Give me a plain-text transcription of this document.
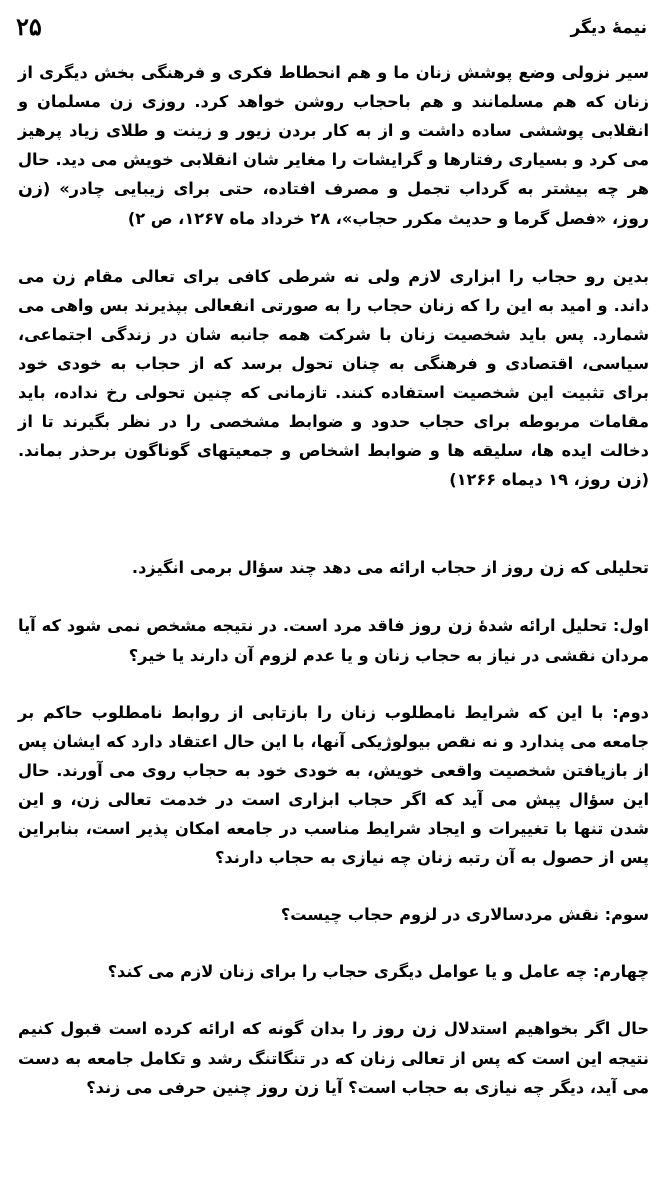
۲۵	نیمهٔ دیگر

سیر نزولی وضع پوشش زنان ما و هم انحطاط فکری و فرهنگی بخش دیگری از زنان که هم مسلمانند و هم باحجاب روشن خواهد کرد. روزی زن مسلمان و انقلابی پوششی ساده داشت و از به کار بردن زیور و زینت و طلای زیاد پرهیز می کرد و بسیاری رفتارها و گرایشات را مغایر شان انقلابی خویش می دید. حال هر چه بیشتر به گرداب تجمل و مصرف افتاده، حتی برای زیبایی چادر» (زن روز، «فصل گرما و حدیث مکرر حجاب»، ۲۸ خرداد ماه ۱۲۶۷، ص ۲)

بدین رو حجاب را ابزاری لازم ولی نه شرطی کافی برای تعالی مقام زن می داند. و امید به این را که زنان حجاب را به صورتی انفعالی بپذیرند بس واهی می شمارد. پس باید شخصیت زنان با شرکت همه جانبه شان در زندگی اجتماعی، سیاسی، اقتصادی و فرهنگی به چنان تحول برسد که از حجاب به خودی خود برای تثبیت این شخصیت استفاده کنند. تازمانی که چنین تحولی رخ نداده، باید مقامات مربوطه برای حجاب حدود و ضوابط مشخصی را در نظر بگیرند تا از دخالت ایده ها، سلیقه ها و ضوابط اشخاص و جمعیتهای گوناگون برحذر بماند. (زن روز، ۱۹ دیماه ۱۲۶۶)

تحلیلی که زن روز از حجاب ارائه می دهد چند سؤال برمی انگیزد.

اول: تحلیل ارائه شدهٔ زن روز فاقد مرد است. در نتیجه مشخص نمی شود که آیا مردان نقشی در نیاز به حجاب زنان و یا عدم لزوم آن دارند یا خیر؟

دوم: با این که شرایط نامطلوب زنان را بازتابی از روابط نامطلوب حاکم بر جامعه می پندارد و نه نقص بیولوژیکی آنها، با این حال اعتقاد دارد که ایشان پس از بازیافتن شخصیت واقعی خویش، به خودی خود به حجاب روی می آورند. حال این سؤال پیش می آید که اگر حجاب ابزاری است در خدمت تعالی زن، و این شدن تنها با تغییرات و ایجاد شرایط مناسب در جامعه امکان پذیر است، بنابراین پس از حصول به آن رتبه زنان چه نیازی به حجاب دارند؟

سوم: نقش مردسالاری در لزوم حجاب چیست؟

چهارم: چه عامل و یا عوامل دیگری حجاب را برای زنان لازم می کند؟

حال اگر بخواهیم استدلال زن روز را بدان گونه که ارائه کرده است قبول کنیم نتیجه این است که پس از تعالی زنان که در تنگاتنگ رشد و تکامل جامعه به دست می آید، دیگر چه نیازی به حجاب است؟ آیا زن روز چنین حرفی می زند؟
